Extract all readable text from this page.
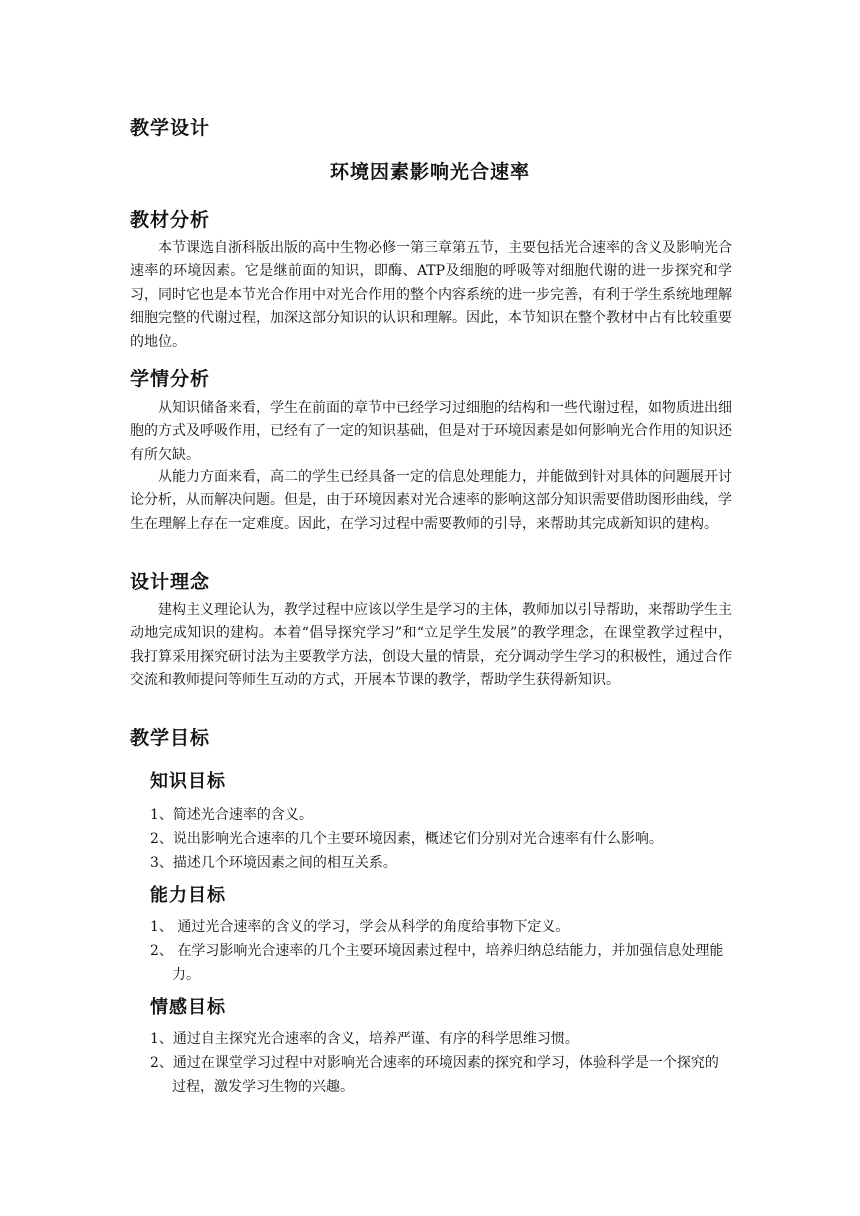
教学设计
环境因素影响光合速率
教材分析

本节课选自浙科版出版的高中生物必修一第三章第五节，主要包括光合速率的含义及影响光合速率的环境因素。它是继前面的知识，即酶、ATP及细胞的呼吸等对细胞代谢的进一步探究和学习，同时它也是本节光合作用中对光合作用的整个内容系统的进一步完善，有利于学生系统地理解细胞完整的代谢过程，加深这部分知识的认识和理解。因此，本节知识在整个教材中占有比较重要的地位。

学情分析

从知识储备来看，学生在前面的章节中已经学习过细胞的结构和一些代谢过程，如物质进出细胞的方式及呼吸作用，已经有了一定的知识基础，但是对于环境因素是如何影响光合作用的知识还有所欠缺。

从能力方面来看，高二的学生已经具备一定的信息处理能力，并能做到针对具体的问题展开讨论分析，从而解决问题。但是，由于环境因素对光合速率的影响这部分知识需要借助图形曲线，学生在理解上存在一定难度。因此，在学习过程中需要教师的引导，来帮助其完成新知识的建构。

设计理念

建构主义理论认为，教学过程中应该以学生是学习的主体，教师加以引导帮助，来帮助学生主动地完成知识的建构。本着“倡导探究学习”和“立足学生发展”的教学理念，在课堂教学过程中，我打算采用探究研讨法为主要教学方法，创设大量的情景，充分调动学生学习的积极性，通过合作交流和教师提问等师生互动的方式，开展本节课的教学，帮助学生获得新知识。

教学目标
知识目标
1、简述光合速率的含义。
2、说出影响光合速率的几个主要环境因素，概述它们分别对光合速率有什么影响。
3、描述几个环境因素之间的相互关系。
能力目标
1、 通过光合速率的含义的学习，学会从科学的角度给事物下定义。
2、 在学习影响光合速率的几个主要环境因素过程中，培养归纳总结能力，并加强信息处理能力。
情感目标
1、通过自主探究光合速率的含义，培养严谨、有序的科学思维习惯。
2、通过在课堂学习过程中对影响光合速率的环境因素的探究和学习，体验科学是一个探究的过程，激发学习生物的兴趣。
